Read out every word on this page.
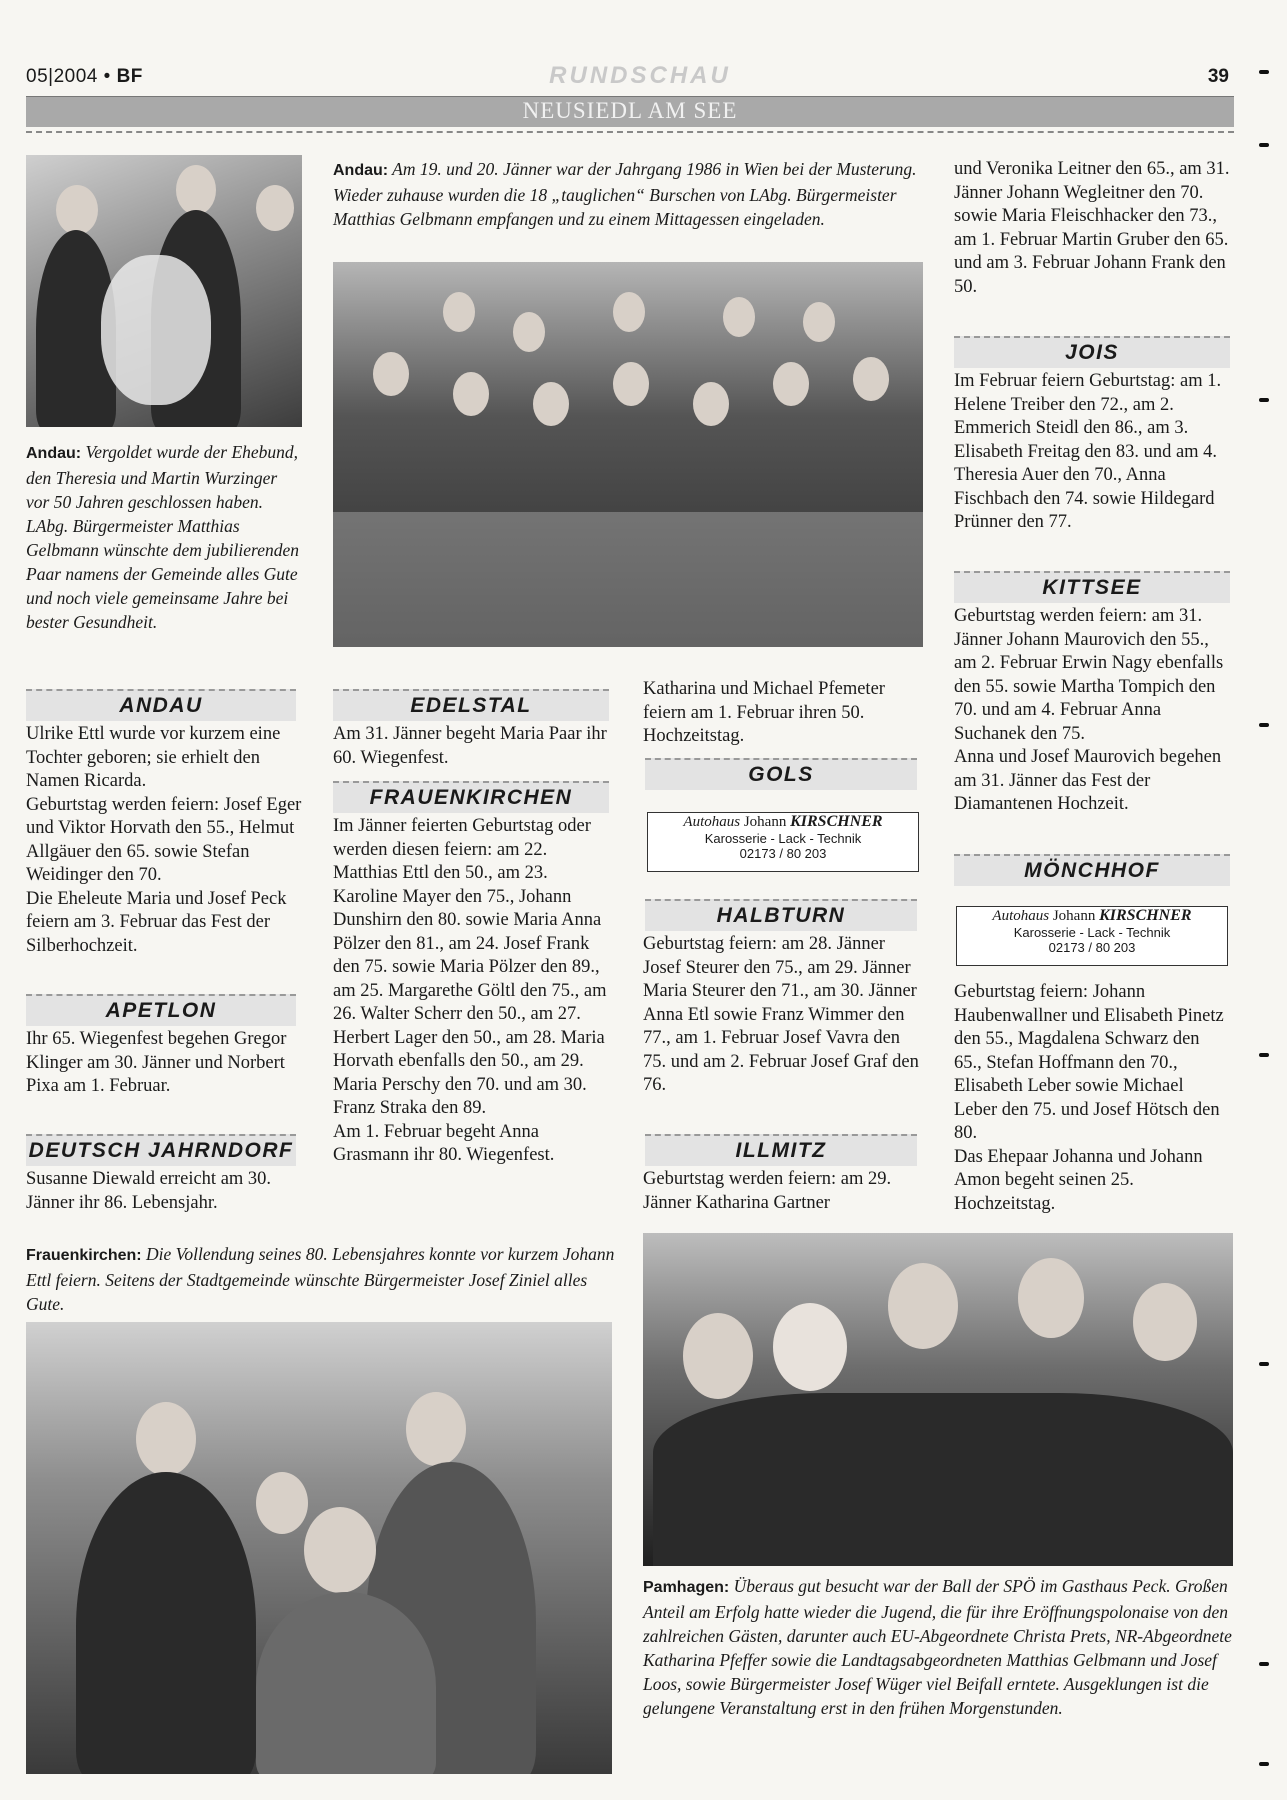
05|2004 • BF	RUNDSCHAU	39
NEUSIEDL AM SEE
Andau: Vergoldet wurde der Ehebund, den Theresia und Martin Wurzinger vor 50 Jahren geschlossen haben. LAbg. Bürgermeister Matthias Gelbmann wünschte dem jubilierenden Paar namens der Gemeinde alles Gute und noch viele gemeinsame Jahre bei bester Gesundheit.
Andau: Am 19. und 20. Jänner war der Jahrgang 1986 in Wien bei der Musterung. Wieder zuhause wurden die 18 „tauglichen“ Burschen von LAbg. Bürgermeister Matthias Gelbmann empfangen und zu einem Mittagessen eingeladen.
und Veronika Leitner den 65., am 31. Jänner Johann Wegleitner den 70. sowie Maria Fleischhacker den 73., am 1. Februar Martin Gruber den 65. und am 3. Februar Johann Frank den 50.
JOIS
Im Februar feiern Geburtstag: am 1. Helene Treiber den 72., am 2. Emmerich Steidl den 86., am 3. Elisabeth Freitag den 83. und am 4. Theresia Auer den 70., Anna Fischbach den 74. sowie Hildegard Prünner den 77.
KITTSEE
Geburtstag werden feiern: am 31. Jänner Johann Maurovich den 55., am 2. Februar Erwin Nagy ebenfalls den 55. sowie Martha Tompich den 70. und am 4. Februar Anna Suchanek den 75.
Anna und Josef Maurovich begehen am 31. Jänner das Fest der Diamantenen Hochzeit.
MÖNCHHOF
Autohaus Johann KIRSCHNER
Karosserie - Lack - Technik
02173 / 80 203
Geburtstag feiern: Johann Haubenwallner und Elisabeth Pinetz den 55., Magdalena Schwarz den 65., Stefan Hoffmann den 70., Elisabeth Leber sowie Michael Leber den 75. und Josef Hötsch den 80.
Das Ehepaar Johanna und Johann Amon begeht seinen 25. Hochzeitstag.
ANDAU
Ulrike Ettl wurde vor kurzem eine Tochter geboren; sie erhielt den Namen Ricarda.
Geburtstag werden feiern: Josef Eger und Viktor Horvath den 55., Helmut Allgäuer den 65. sowie Stefan Weidinger den 70.
Die Eheleute Maria und Josef Peck feiern am 3. Februar das Fest der Silberhochzeit.
APETLON
Ihr 65. Wiegenfest begehen Gregor Klinger am 30. Jänner und Norbert Pixa am 1. Februar.
DEUTSCH JAHRNDORF
Susanne Diewald erreicht am 30. Jänner ihr 86. Lebensjahr.
EDELSTAL
Am 31. Jänner begeht Maria Paar ihr 60. Wiegenfest.
FRAUENKIRCHEN
Im Jänner feierten Geburtstag oder werden diesen feiern: am 22. Matthias Ettl den 50., am 23. Karoline Mayer den 75., Johann Dunshirn den 80. sowie Maria Anna Pölzer den 81., am 24. Josef Frank den 75. sowie Maria Pölzer den 89., am 25. Margarethe Göltl den 75., am 26. Walter Scherr den 50., am 27. Herbert Lager den 50., am 28. Maria Horvath ebenfalls den 50., am 29. Maria Perschy den 70. und am 30. Franz Straka den 89.
Am 1. Februar begeht Anna Grasmann ihr 80. Wiegenfest.
Katharina und Michael Pfemeter feiern am 1. Februar ihren 50. Hochzeitstag.
GOLS
Autohaus Johann KIRSCHNER
Karosserie - Lack - Technik
02173 / 80 203
HALBTURN
Geburtstag feiern: am 28. Jänner Josef Steurer den 75., am 29. Jänner Maria Steurer den 71., am 30. Jänner Anna Etl sowie Franz Wimmer den 77., am 1. Februar Josef Vavra den 75. und am 2. Februar Josef Graf den 76.
ILLMITZ
Geburtstag werden feiern: am 29. Jänner Katharina Gartner
Frauenkirchen: Die Vollendung seines 80. Lebensjahres konnte vor kurzem Johann Ettl feiern. Seitens der Stadtgemeinde wünschte Bürgermeister Josef Ziniel alles Gute.
Pamhagen: Überaus gut besucht war der Ball der SPÖ im Gasthaus Peck. Großen Anteil am Erfolg hatte wieder die Jugend, die für ihre Eröffnungspolonaise von den zahlreichen Gästen, darunter auch EU-Abgeordnete Christa Prets, NR-Abgeordnete Katharina Pfeffer sowie die Landtagsabgeordneten Matthias Gelbmann und Josef Loos, sowie Bürgermeister Josef Wüger viel Beifall erntete. Ausgeklungen ist die gelungene Veranstaltung erst in den frühen Morgenstunden.
